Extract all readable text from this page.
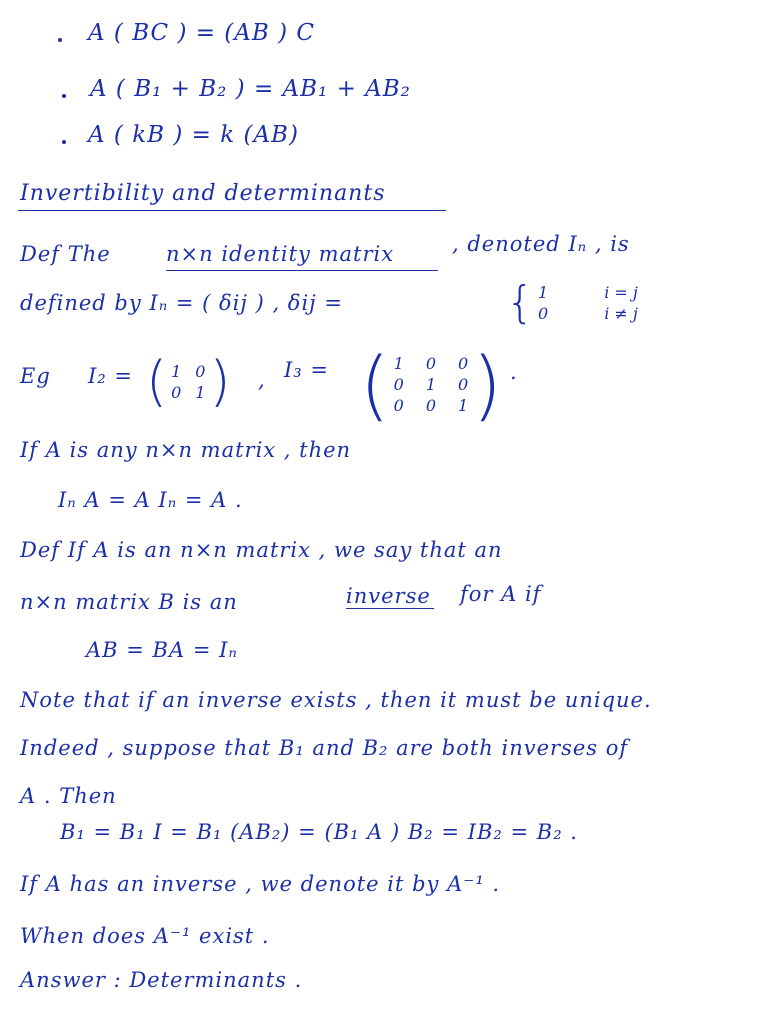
A ( BC ) = (AB ) C
A ( B₁ + B₂ ) = AB₁ + AB₂
A ( kB ) = k (AB)
Invertibility and determinants
Def The	n×n identity matrix	, denoted Iₙ , is
defined by Iₙ = ( δij ) , δij =	{ 1	i = j
0	i ≠ j
Eg I₂ = ( 1 0
0 1 ) , I₃ = ( 1 0 0
0 1 0
0 0 1 ) .
If A is any n×n matrix , then
Iₙ A = A Iₙ = A .
Def If A is an n×n matrix , we say that an
n×n matrix B is an	inverse for A if
AB = BA = Iₙ
Note that if an inverse exists , then it must be unique.
Indeed , suppose that B₁ and B₂ are both inverses of
A . Then
B₁ = B₁ I = B₁ (AB₂) = (B₁ A ) B₂ = IB₂ = B₂ .
If A has an inverse , we denote it by A⁻¹ .
When does A⁻¹ exist .
Answer : Determinants .
